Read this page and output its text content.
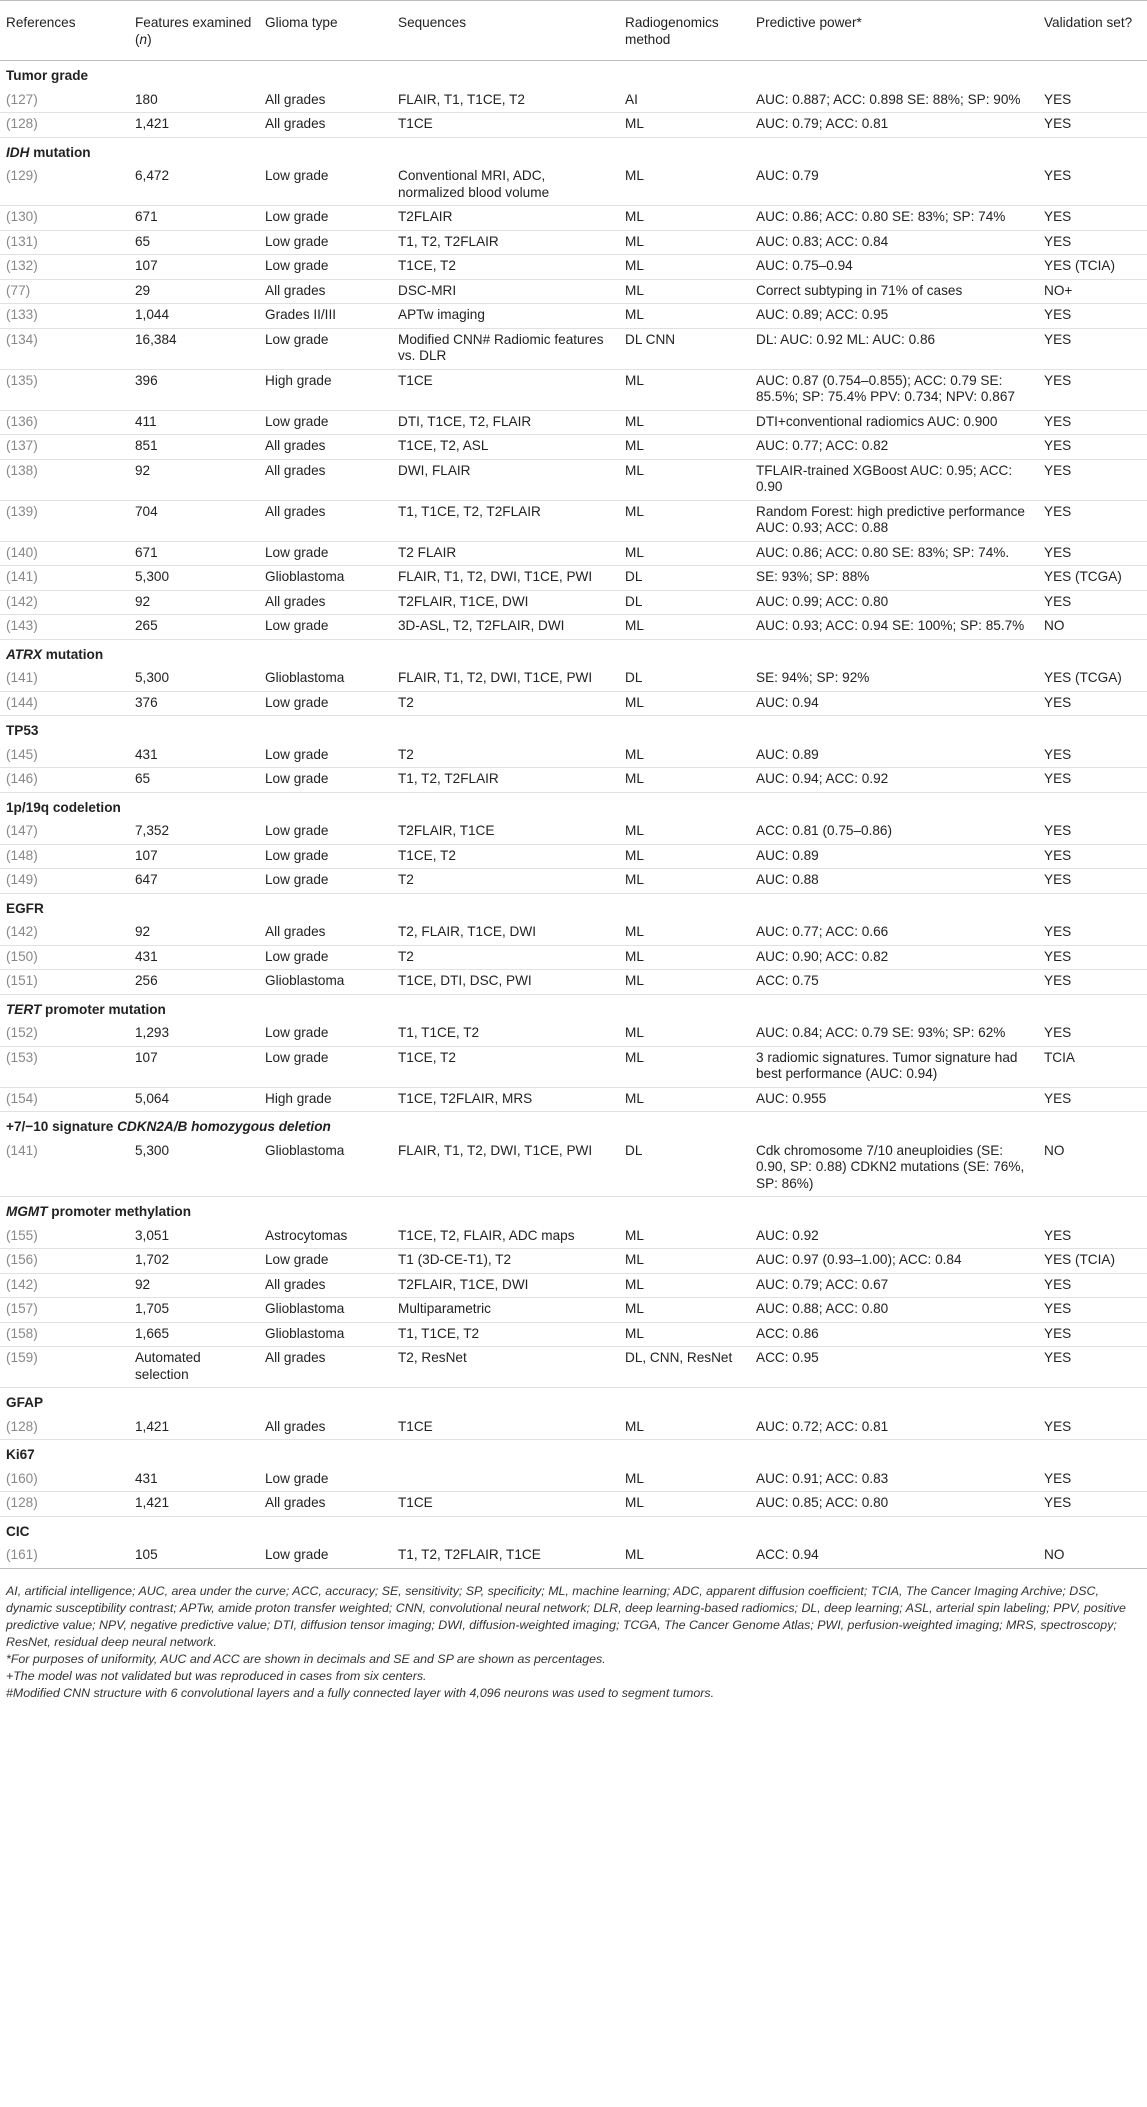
References	Features examined (n)	Glioma type	Sequences	Radiogenomics method	Predictive power*	Validation set?
Tumor grade						
(127)	180	All grades	FLAIR, T1, T1CE, T2	AI	AUC: 0.887; ACC: 0.898 SE: 88%; SP: 90%	YES
(128)	1,421	All grades	T1CE	ML	AUC: 0.79; ACC: 0.81	YES
IDH mutation						
(129)	6,472	Low grade	Conventional MRI, ADC, normalized blood volume	ML	AUC: 0.79	YES
(130)	671	Low grade	T2FLAIR	ML	AUC: 0.86; ACC: 0.80 SE: 83%; SP: 74%	YES
(131)	65	Low grade	T1, T2, T2FLAIR	ML	AUC: 0.83; ACC: 0.84	YES
(132)	107	Low grade	T1CE, T2	ML	AUC: 0.75–0.94	YES (TCIA)
(77)	29	All grades	DSC-MRI	ML	Correct subtyping in 71% of cases	NO+
(133)	1,044	Grades II/III	APTw imaging	ML	AUC: 0.89; ACC: 0.95	YES
(134)	16,384	Low grade	Modified CNN# Radiomic features vs. DLR	DL CNN	DL: AUC: 0.92 ML: AUC: 0.86	YES
(135)	396	High grade	T1CE	ML	AUC: 0.87 (0.754–0.855); ACC: 0.79 SE: 85.5%; SP: 75.4% PPV: 0.734; NPV: 0.867	YES
(136)	411	Low grade	DTI, T1CE, T2, FLAIR	ML	DTI+conventional radiomics AUC: 0.900	YES
(137)	851	All grades	T1CE, T2, ASL	ML	AUC: 0.77; ACC: 0.82	YES
(138)	92	All grades	DWI, FLAIR	ML	TFLAIR-trained XGBoost AUC: 0.95; ACC: 0.90	YES
(139)	704	All grades	T1, T1CE, T2, T2FLAIR	ML	Random Forest: high predictive performance AUC: 0.93; ACC: 0.88	YES
(140)	671	Low grade	T2 FLAIR	ML	AUC: 0.86; ACC: 0.80 SE: 83%; SP: 74%.	YES
(141)	5,300	Glioblastoma	FLAIR, T1, T2, DWI, T1CE, PWI	DL	SE: 93%; SP: 88%	YES (TCGA)
(142)	92	All grades	T2FLAIR, T1CE, DWI	DL	AUC: 0.99; ACC: 0.80	YES
(143)	265	Low grade	3D-ASL, T2, T2FLAIR, DWI	ML	AUC: 0.93; ACC: 0.94 SE: 100%; SP: 85.7%	NO
ATRX mutation						
(141)	5,300	Glioblastoma	FLAIR, T1, T2, DWI, T1CE, PWI	DL	SE: 94%; SP: 92%	YES (TCGA)
(144)	376	Low grade	T2	ML	AUC: 0.94	YES
TP53						
(145)	431	Low grade	T2	ML	AUC: 0.89	YES
(146)	65	Low grade	T1, T2, T2FLAIR	ML	AUC: 0.94; ACC: 0.92	YES
1p/19q codeletion						
(147)	7,352	Low grade	T2FLAIR, T1CE	ML	ACC: 0.81 (0.75–0.86)	YES
(148)	107	Low grade	T1CE, T2	ML	AUC: 0.89	YES
(149)	647	Low grade	T2	ML	AUC: 0.88	YES
EGFR						
(142)	92	All grades	T2, FLAIR, T1CE, DWI	ML	AUC: 0.77; ACC: 0.66	YES
(150)	431	Low grade	T2	ML	AUC: 0.90; ACC: 0.82	YES
(151)	256	Glioblastoma	T1CE, DTI, DSC, PWI	ML	ACC: 0.75	YES
TERT promoter mutation						
(152)	1,293	Low grade	T1, T1CE, T2	ML	AUC: 0.84; ACC: 0.79 SE: 93%; SP: 62%	YES
(153)	107	Low grade	T1CE, T2	ML	3 radiomic signatures. Tumor signature had best performance (AUC: 0.94)	TCIA
(154)	5,064	High grade	T1CE, T2FLAIR, MRS	ML	AUC: 0.955	YES
+7/−10 signature CDKN2A/B homozygous deletion						
(141)	5,300	Glioblastoma	FLAIR, T1, T2, DWI, T1CE, PWI	DL	Cdk chromosome 7/10 aneuploidies (SE: 0.90, SP: 0.88) CDKN2 mutations (SE: 76%, SP: 86%)	NO
MGMT promoter methylation						
(155)	3,051	Astrocytomas	T1CE, T2, FLAIR, ADC maps	ML	AUC: 0.92	YES
(156)	1,702	Low grade	T1 (3D-CE-T1), T2	ML	AUC: 0.97 (0.93–1.00); ACC: 0.84	YES (TCIA)
(142)	92	All grades	T2FLAIR, T1CE, DWI	ML	AUC: 0.79; ACC: 0.67	YES
(157)	1,705	Glioblastoma	Multiparametric	ML	AUC: 0.88; ACC: 0.80	YES
(158)	1,665	Glioblastoma	T1, T1CE, T2	ML	ACC: 0.86	YES
(159)	Automated selection	All grades	T2, ResNet	DL, CNN, ResNet	ACC: 0.95	YES
GFAP						
(128)	1,421	All grades	T1CE	ML	AUC: 0.72; ACC: 0.81	YES
Ki67						
(160)	431	Low grade		ML	AUC: 0.91; ACC: 0.83	YES
(128)	1,421	All grades	T1CE	ML	AUC: 0.85; ACC: 0.80	YES
CIC						
(161)	105	Low grade	T1, T2, T2FLAIR, T1CE	ML	ACC: 0.94	NO

AI, artificial intelligence; AUC, area under the curve; ACC, accuracy; SE, sensitivity; SP, specificity; ML, machine learning; ADC, apparent diffusion coefficient; TCIA, The Cancer Imaging Archive; DSC, dynamic susceptibility contrast; APTw, amide proton transfer weighted; CNN, convolutional neural network; DLR, deep learning-based radiomics; DL, deep learning; ASL, arterial spin labeling; PPV, positive predictive value; NPV, negative predictive value; DTI, diffusion tensor imaging; DWI, diffusion-weighted imaging; TCGA, The Cancer Genome Atlas; PWI, perfusion-weighted imaging; MRS, spectroscopy; ResNet, residual deep neural network.

*For purposes of uniformity, AUC and ACC are shown in decimals and SE and SP are shown as percentages.

+The model was not validated but was reproduced in cases from six centers.

#Modified CNN structure with 6 convolutional layers and a fully connected layer with 4,096 neurons was used to segment tumors.
